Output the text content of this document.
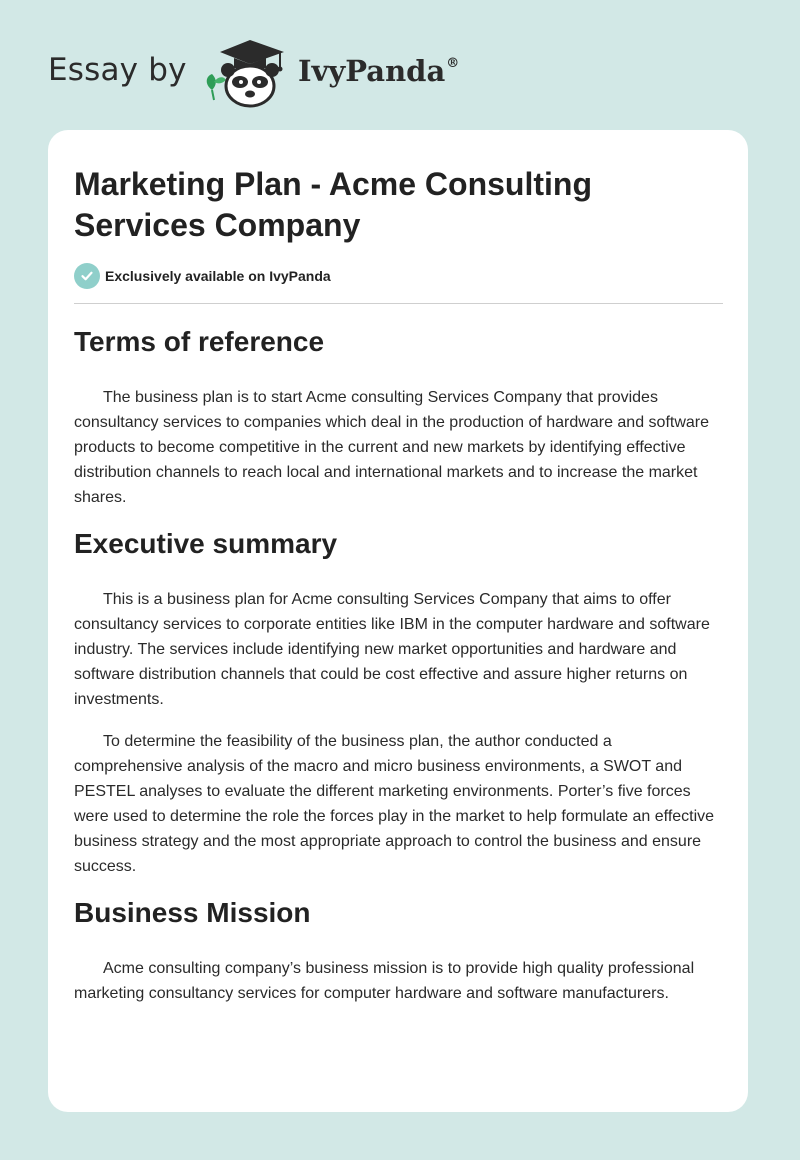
Essay by	IvyPanda®
Marketing Plan - Acme Consulting Services Company
Exclusively available on IvyPanda
Terms of reference

The business plan is to start Acme consulting Services Company that provides consultancy services to companies which deal in the production of hardware and software products to become competitive in the current and new markets by identifying effective distribution channels to reach local and international markets and to increase the market shares.

Executive summary

This is a business plan for Acme consulting Services Company that aims to offer consultancy services to corporate entities like IBM in the computer hardware and software industry. The services include identifying new market opportunities and hardware and software distribution channels that could be cost effective and assure higher returns on investments.

To determine the feasibility of the business plan, the author conducted a comprehensive analysis of the macro and micro business environments, a SWOT and PESTEL analyses to evaluate the different marketing environments. Porter’s five forces were used to determine the role the forces play in the market to help formulate an effective business strategy and the most appropriate approach to control the business and ensure success.

Business Mission

Acme consulting company’s business mission is to provide high quality professional marketing consultancy services for computer hardware and software manufacturers.
